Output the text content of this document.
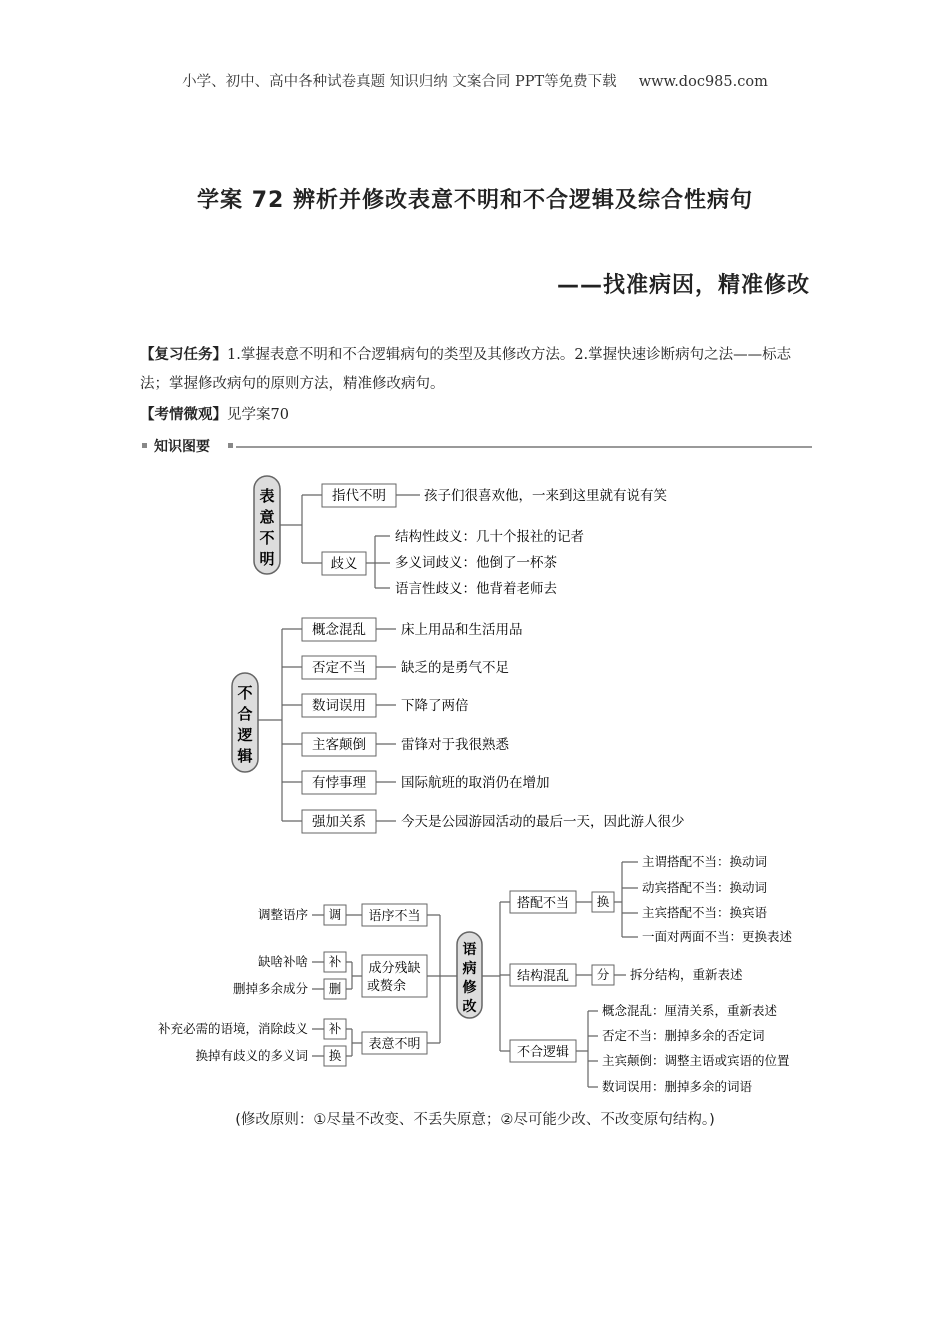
小学、初中、高中各种试卷真题 知识归纳 文案合同 PPT等免费下载 www.doc985.com
学案 72 辨析并修改表意不明和不合逻辑及综合性病句
——找准病因，精准修改
【复习任务】1.掌握表意不明和不合逻辑病句的类型及其修改方法。2.掌握快速诊断病句之法——标志法；掌握修改病句的原则方法，精准修改病句。
【考情微观】见学案70
知识图要
表
意
不
明
指代不明	孩子们很喜欢他，一来到这里就有说有笑
歧义
结构性歧义：几十个报社的记者
多义词歧义：他倒了一杯茶
语言性歧义：他背着老师去
不
合
逻
辑
概念混乱	床上用品和生活用品
否定不当	缺乏的是勇气不足
数词误用	下降了两倍
主客颠倒	雷锋对于我很熟悉
有悖事理	国际航班的取消仍在增加
强加关系	今天是公园游园活动的最后一天，因此游人很少
语
病
修
改
调整语序 调 语序不当
缺啥补啥 补
删掉多余成分 删
成分残缺
或赘余
补充必需的语境，消除歧义 补
换掉有歧义的多义词 换
表意不明
搭配不当 换
主谓搭配不当：换动词
动宾搭配不当：换动词
主宾搭配不当：换宾语
一面对两面不当：更换表述
结构混乱 分 拆分结构，重新表述
不合逻辑
概念混乱：厘清关系，重新表述
否定不当：删掉多余的否定词
主宾颠倒：调整主语或宾语的位置
数词误用：删掉多余的词语
(修改原则：①尽量不改变、不丢失原意；②尽可能少改、不改变原句结构。)
